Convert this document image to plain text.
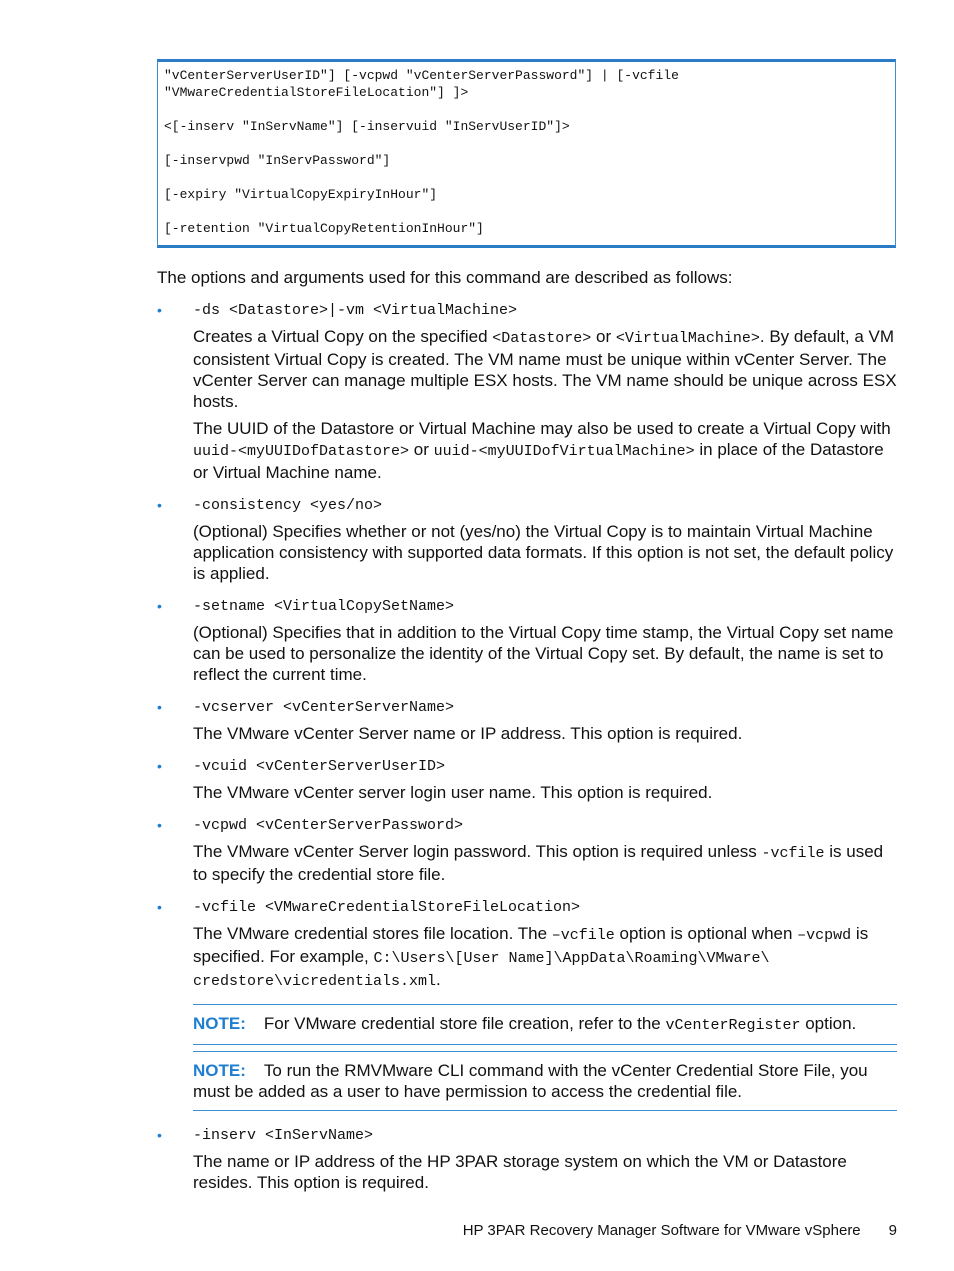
"vCenterServerUserID"] [-vcpwd "vCenterServerPassword"] | [-vcfile
"VMwareCredentialStoreFileLocation"] ]>
<[-inserv "InServName"] [-inservuid "InServUserID"]>
[-inservpwd "InServPassword"]
[-expiry "VirtualCopyExpiryInHour"]
[-retention "VirtualCopyRetentionInHour"]
The options and arguments used for this command are described as follows:
• -ds <Datastore>|-vm <VirtualMachine>

Creates a Virtual Copy on the specified <Datastore> or <VirtualMachine>. By default, a VM consistent Virtual Copy is created. The VM name must be unique within vCenter Server. The vCenter Server can manage multiple ESX hosts. The VM name should be unique across ESX hosts.

The UUID of the Datastore or Virtual Machine may also be used to create a Virtual Copy with uuid-<myUUIDofDatastore> or uuid-<myUUIDofVirtualMachine> in place of the Datastore or Virtual Machine name.

• -consistency <yes/no>

(Optional) Specifies whether or not (yes/no) the Virtual Copy is to maintain Virtual Machine application consistency with supported data formats. If this option is not set, the default policy is applied.

• -setname <VirtualCopySetName>

(Optional) Specifies that in addition to the Virtual Copy time stamp, the Virtual Copy set name can be used to personalize the identity of the Virtual Copy set. By default, the name is set to reflect the current time.

• -vcserver <vCenterServerName>

The VMware vCenter Server name or IP address. This option is required.

• -vcuid <vCenterServerUserID>

The VMware vCenter server login user name. This option is required.

• -vcpwd <vCenterServerPassword>

The VMware vCenter Server login password. This option is required unless -vcfile is used to specify the credential store file.

• -vcfile <VMwareCredentialStoreFileLocation>

The VMware credential stores file location. The –vcfile option is optional when –vcpwd is specified. For example, C:\Users\[User Name]\AppData\Roaming\VMware\ credstore\vicredentials.xml.

NOTE: For VMware credential store file creation, refer to the vCenterRegister option.
NOTE: To run the RMVMware CLI command with the vCenter Credential Store File, you must be added as a user to have permission to access the credential file.
• -inserv <InServName>

The name or IP address of the HP 3PAR storage system on which the VM or Datastore resides. This option is required.

HP 3PAR Recovery Manager Software for VMware vSphere 9
